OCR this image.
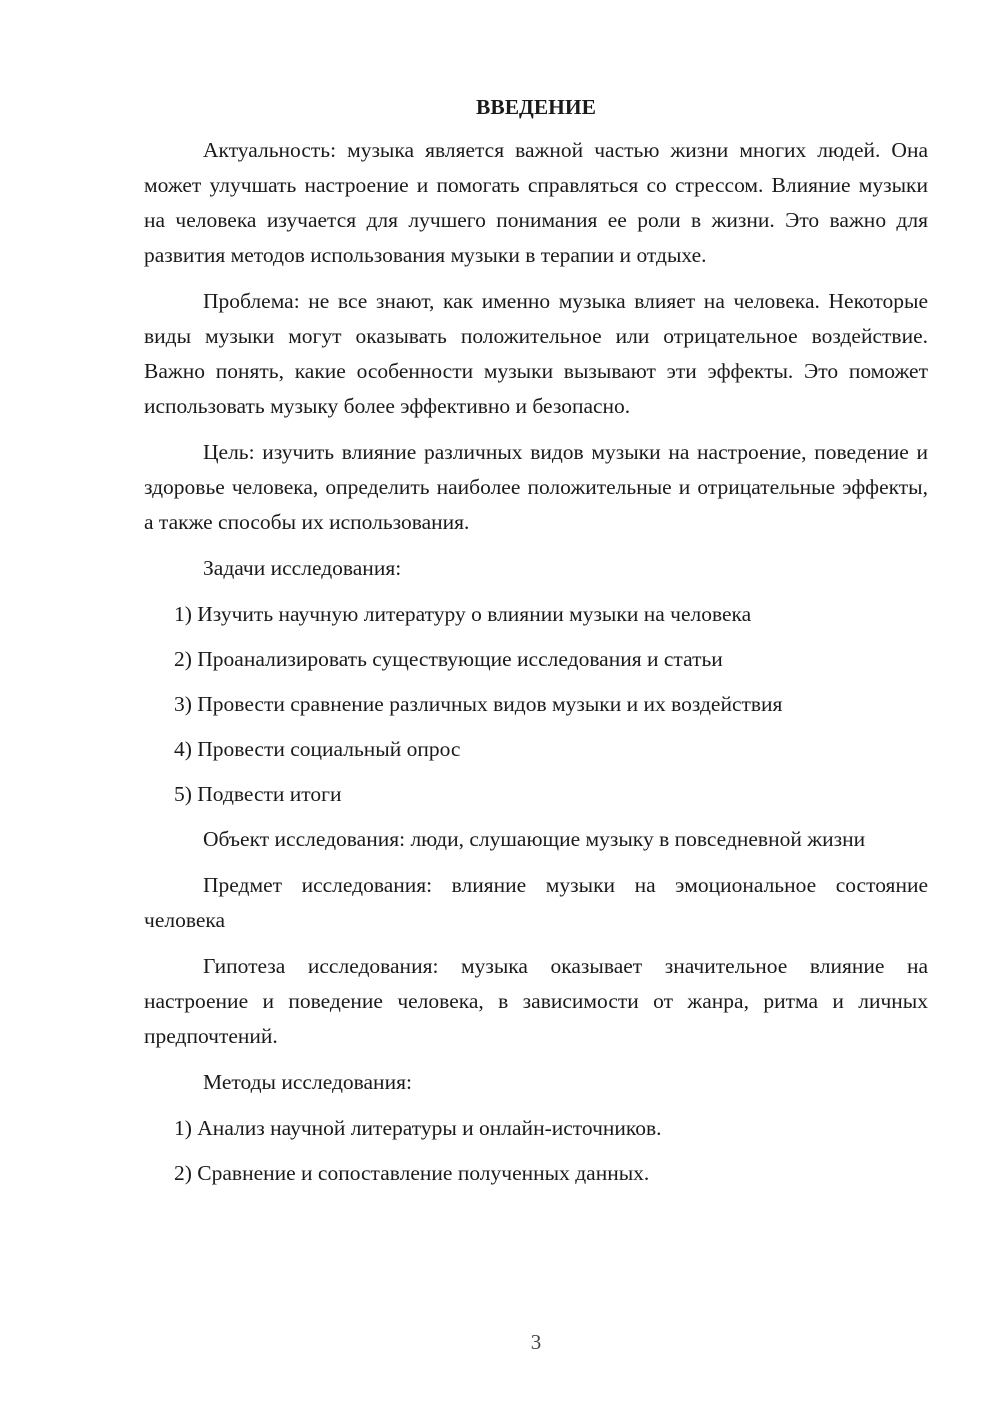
ВВЕДЕНИЕ

Актуальность: музыка является важной частью жизни многих людей. Она может улучшать настроение и помогать справляться со стрессом. Влияние музыки на человека изучается для лучшего понимания ее роли в жизни. Это важно для развития методов использования музыки в терапии и отдыхе.

Проблема: не все знают, как именно музыка влияет на человека. Некоторые виды музыки могут оказывать положительное или отрицательное воздействие. Важно понять, какие особенности музыки вызывают эти эффекты. Это поможет использовать музыку более эффективно и безопасно.

Цель: изучить влияние различных видов музыки на настроение, поведение и здоровье человека, определить наиболее положительные и отрицательные эффекты, а также способы их использования.

Задачи исследования:
1) Изучить научную литературу о влиянии музыки на человека
2) Проанализировать существующие исследования и статьи
3) Провести сравнение различных видов музыки и их воздействия
4) Провести социальный опрос
5) Подвести итоги

Объект исследования: люди, слушающие музыку в повседневной жизни

Предмет исследования: влияние музыки на эмоциональное состояние человека

Гипотеза исследования: музыка оказывает значительное влияние на настроение и поведение человека, в зависимости от жанра, ритма и личных предпочтений.

Методы исследования:
1) Анализ научной литературы и онлайн-источников.
2) Сравнение и сопоставление полученных данных.
3
